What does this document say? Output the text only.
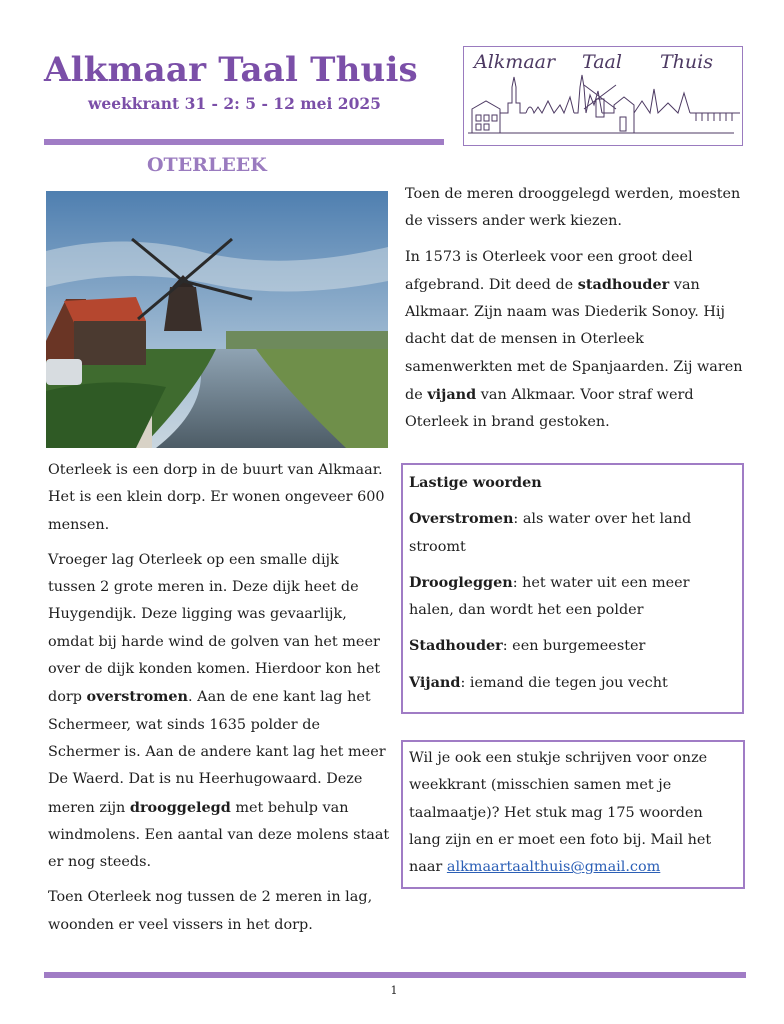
Alkmaar Taal Thuis
weekkrant 31 - 2: 5 - 12 mei 2025
Alkmaar Taal Thuis
OTERLEEK

Oterleek is een dorp in de buurt van Alkmaar. Het is een klein dorp. Er wonen ongeveer 600 mensen.

Vroeger lag Oterleek op een smalle dijk tussen 2 grote meren in. Deze dijk heet de Huygendijk. Deze ligging was gevaarlijk, omdat bij harde wind de golven van het meer over de dijk konden komen. Hierdoor kon het dorp overstromen. Aan de ene kant lag het Schermeer, wat sinds 1635 polder de Schermer is. Aan de andere kant lag het meer De Waerd. Dat is nu Heerhugowaard. Deze meren zijn drooggelegd met behulp van windmolens. Een aantal van deze molens staat er nog steeds.

Toen Oterleek nog tussen de 2 meren in lag, woonden er veel vissers in het dorp.

Toen de meren drooggelegd werden, moesten de vissers ander werk kiezen.

In 1573 is Oterleek voor een groot deel afgebrand. Dit deed de stadhouder van Alkmaar. Zijn naam was Diederik Sonoy. Hij dacht dat de mensen in Oterleek samenwerkten met de Spanjaarden. Zij waren de vijand van Alkmaar. Voor straf werd Oterleek in brand gestoken.

Lastige woorden

Overstromen: als water over het land stroomt

Droogleggen: het water uit een meer halen, dan wordt het een polder

Stadhouder: een burgemeester

Vijand: iemand die tegen jou vecht

Wil je ook een stukje schrijven voor onze weekkrant (misschien samen met je taalmaatje)? Het stuk mag 175 woorden lang zijn en er moet een foto bij. Mail het naar alkmaartaalthuis@gmail.com

1
